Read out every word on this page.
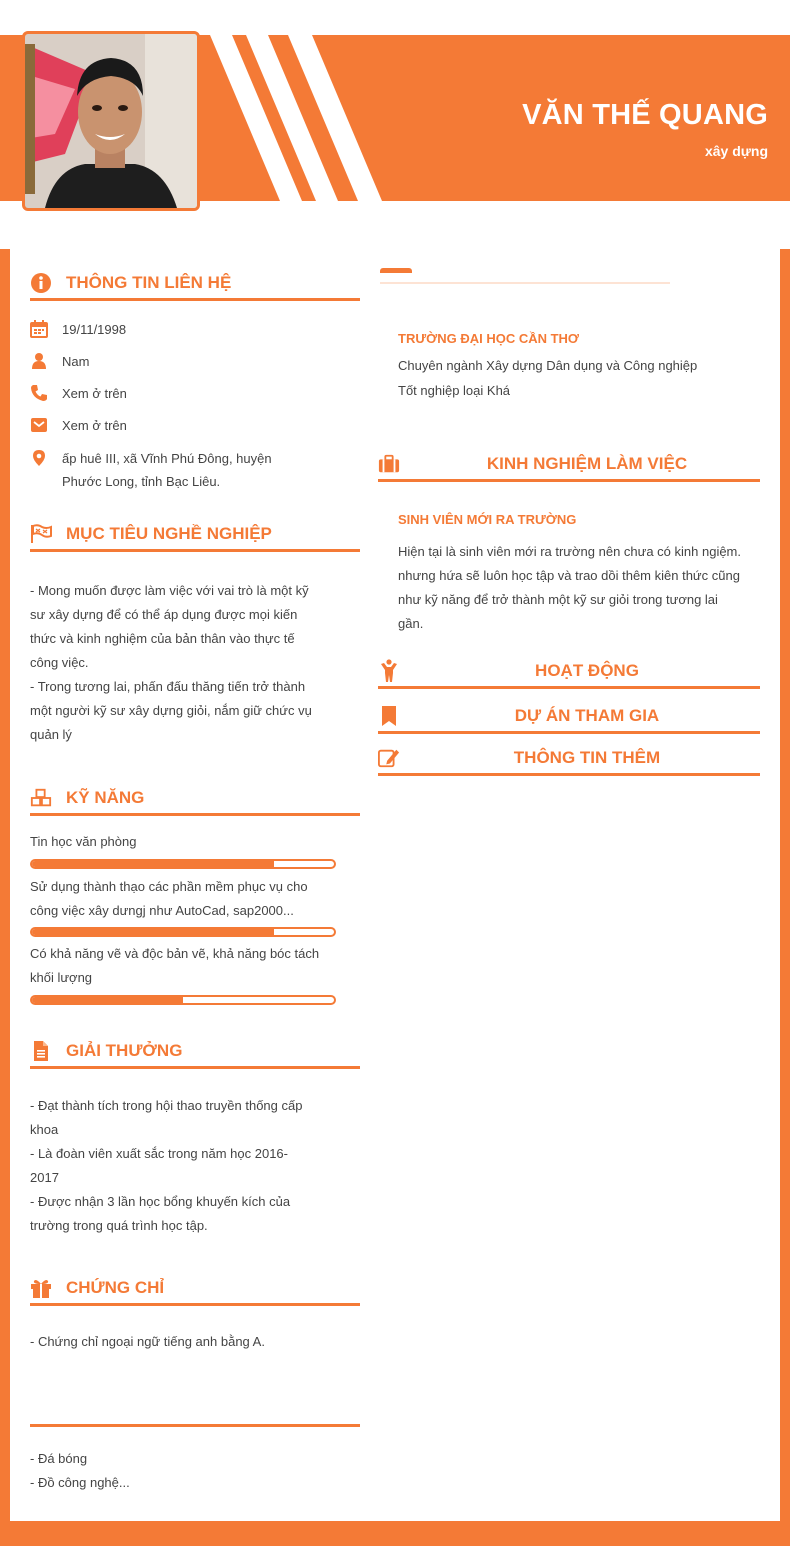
VĂN THẾ QUANG
xây dựng
THÔNG TIN LIÊN HỆ
19/11/1998
Nam
Xem ở trên
Xem ở trên
ấp huê III, xã Vĩnh Phú Đông, huyện
Phước Long, tỉnh Bạc Liêu.
MỤC TIÊU NGHỀ NGHIỆP
- Mong muốn được làm việc với vai trò là một kỹ
sư xây dựng để có thể áp dụng được mọi kiến
thức và kinh nghiệm của bản thân vào thực tế
công việc.
- Trong tương lai, phấn đấu thăng tiến trở thành
một người kỹ sư xây dựng giỏi, nắm giữ chức vụ
quản lý
KỸ NĂNG
Tin học văn phòng
Sử dụng thành thạo các phần mềm phục vụ cho
công việc xây dưngj như AutoCad, sap2000...
Có khả năng vẽ và độc bản vẽ, khả năng bóc tách
khối lượng
GIẢI THƯỞNG
- Đạt thành tích trong hội thao truyền thống cấp
khoa
- Là đoàn viên xuất sắc trong năm học 2016-
2017
- Được nhận 3 lần học bổng khuyến kích của
trường trong quá trình học tập.
CHỨNG CHỈ
- Chứng chỉ ngoại ngữ tiếng anh bằng A.
- Đá bóng
- Đồ công nghệ...
TRƯỜNG ĐẠI HỌC CẦN THƠ
Chuyên ngành Xây dựng Dân dụng và Công nghiệp
Tốt nghiệp loại Khá
KINH NGHIỆM LÀM VIỆC
SINH VIÊN MỚI RA TRƯỜNG
Hiện tại là sinh viên mới ra trường nên chưa có kinh ngiệm.
nhưng hứa sẽ luôn học tập và trao dồi thêm kiên thức cũng
như kỹ năng để trở thành một kỹ sư giỏi trong tương lai
gần.
HOẠT ĐỘNG
DỰ ÁN THAM GIA
THÔNG TIN THÊM
